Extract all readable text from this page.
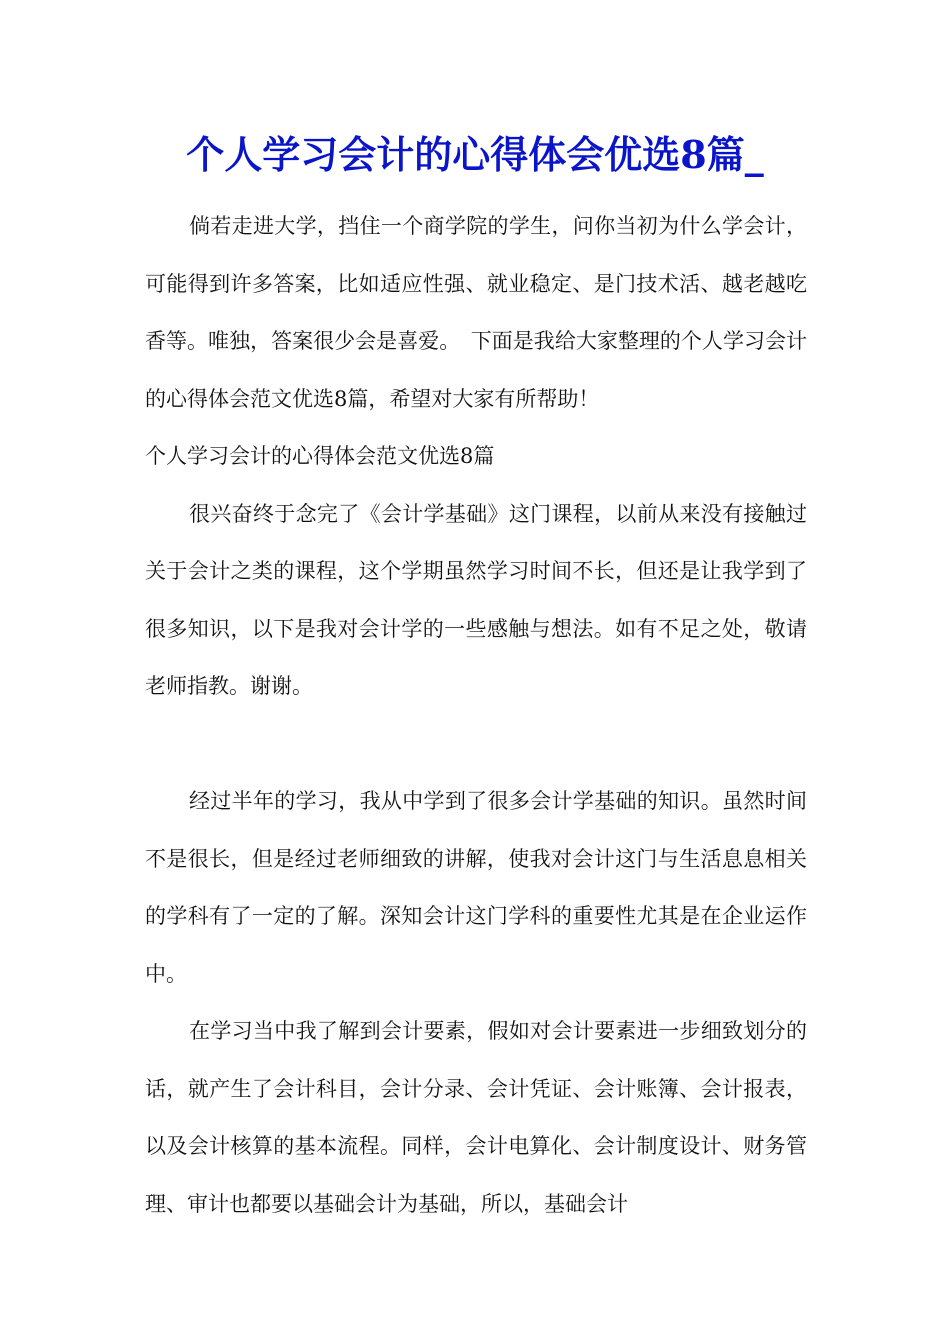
个人学习会计的心得体会优选8篇_

倘若走进大学，挡住一个商学院的学生，问你当初为什么学会计，可能得到许多答案，比如适应性强、就业稳定、是门技术活、越老越吃香等。唯独，答案很少会是喜爱。　下面是我给大家整理的个人学习会计的心得体会范文优选8篇，希望对大家有所帮助！

个人学习会计的心得体会范文优选8篇

很兴奋终于念完了《会计学基础》这门课程，以前从来没有接触过关于会计之类的课程，这个学期虽然学习时间不长，但还是让我学到了很多知识，以下是我对会计学的一些感触与想法。如有不足之处，敬请老师指教。谢谢。

经过半年的学习，我从中学到了很多会计学基础的知识。虽然时间不是很长，但是经过老师细致的讲解，使我对会计这门与生活息息相关的学科有了一定的了解。深知会计这门学科的重要性尤其是在企业运作中。

在学习当中我了解到会计要素，假如对会计要素进一步细致划分的话，就产生了会计科目，会计分录、会计凭证、会计账簿、会计报表，以及会计核算的基本流程。同样，会计电算化、会计制度设计、财务管理、审计也都要以基础会计为基础，所以，基础会计
